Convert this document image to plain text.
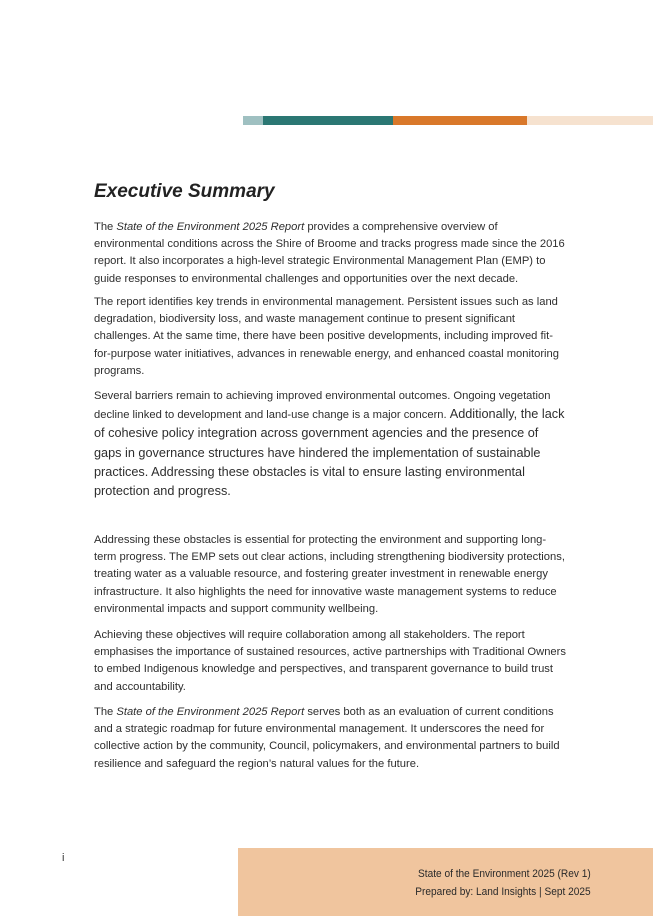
Executive Summary

The State of the Environment 2025 Report provides a comprehensive overview of environmental conditions across the Shire of Broome and tracks progress made since the 2016 report. It also incorporates a high-level strategic Environmental Management Plan (EMP) to guide responses to environmental challenges and opportunities over the next decade.

The report identifies key trends in environmental management. Persistent issues such as land degradation, biodiversity loss, and waste management continue to present significant challenges. At the same time, there have been positive developments, including improved fit-for-purpose water initiatives, advances in renewable energy, and enhanced coastal monitoring programs.

Several barriers remain to achieving improved environmental outcomes. Ongoing vegetation decline linked to development and land-use change is a major concern. Additionally, the lack of cohesive policy integration across government agencies and the presence of gaps in governance structures have hindered the implementation of sustainable practices. Addressing these obstacles is vital to ensure lasting environmental protection and progress.

Addressing these obstacles is essential for protecting the environment and supporting long-term progress. The EMP sets out clear actions, including strengthening biodiversity protections, treating water as a valuable resource, and fostering greater investment in renewable energy infrastructure. It also highlights the need for innovative waste management systems to reduce environmental impacts and support community wellbeing.

Achieving these objectives will require collaboration among all stakeholders. The report emphasises the importance of sustained resources, active partnerships with Traditional Owners to embed Indigenous knowledge and perspectives, and transparent governance to build trust and accountability.

The State of the Environment 2025 Report serves both as an evaluation of current conditions and a strategic roadmap for future environmental management. It underscores the need for collective action by the community, Council, policymakers, and environmental partners to build resilience and safeguard the region’s natural values for the future.

i
State of the Environment 2025 (Rev 1)
Prepared by: Land Insights | Sept 2025
